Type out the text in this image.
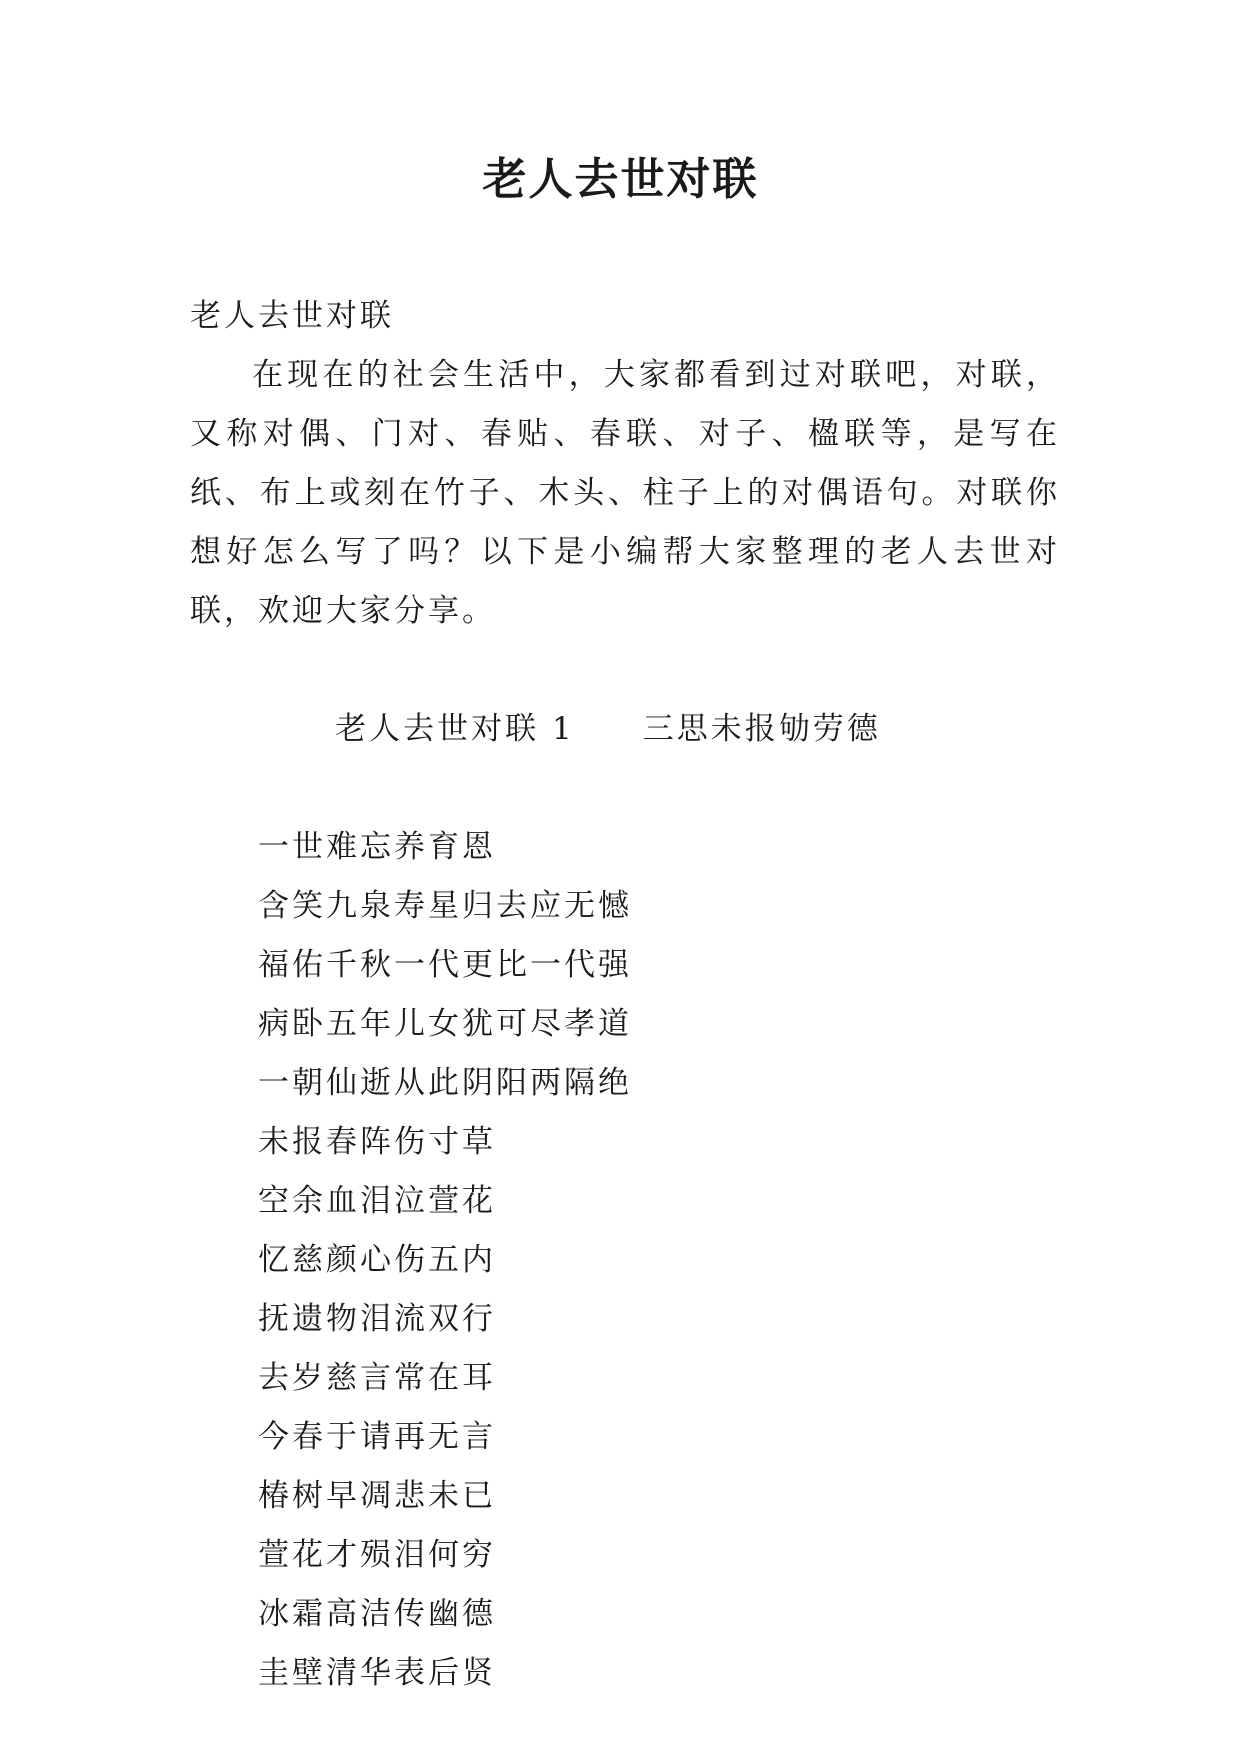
老人去世对联

老人去世对联

在现在的社会生活中，大家都看到过对联吧，对联，又称对偶、门对、春贴、春联、对子、楹联等，是写在纸、布上或刻在竹子、木头、柱子上的对偶语句。对联你想好怎么写了吗？以下是小编帮大家整理的老人去世对联，欢迎大家分享。

老人去世对联 1 三思未报劬劳德

一世难忘养育恩
含笑九泉寿星归去应无憾
福佑千秋一代更比一代强
病卧五年儿女犹可尽孝道
一朝仙逝从此阴阳两隔绝
未报春阵伤寸草
空余血泪泣萱花
忆慈颜心伤五内
抚遗物泪流双行
去岁慈言常在耳
今春于请再无言
椿树早凋悲未已
萱花才殒泪何穷
冰霜高洁传幽德
圭壁清华表后贤
